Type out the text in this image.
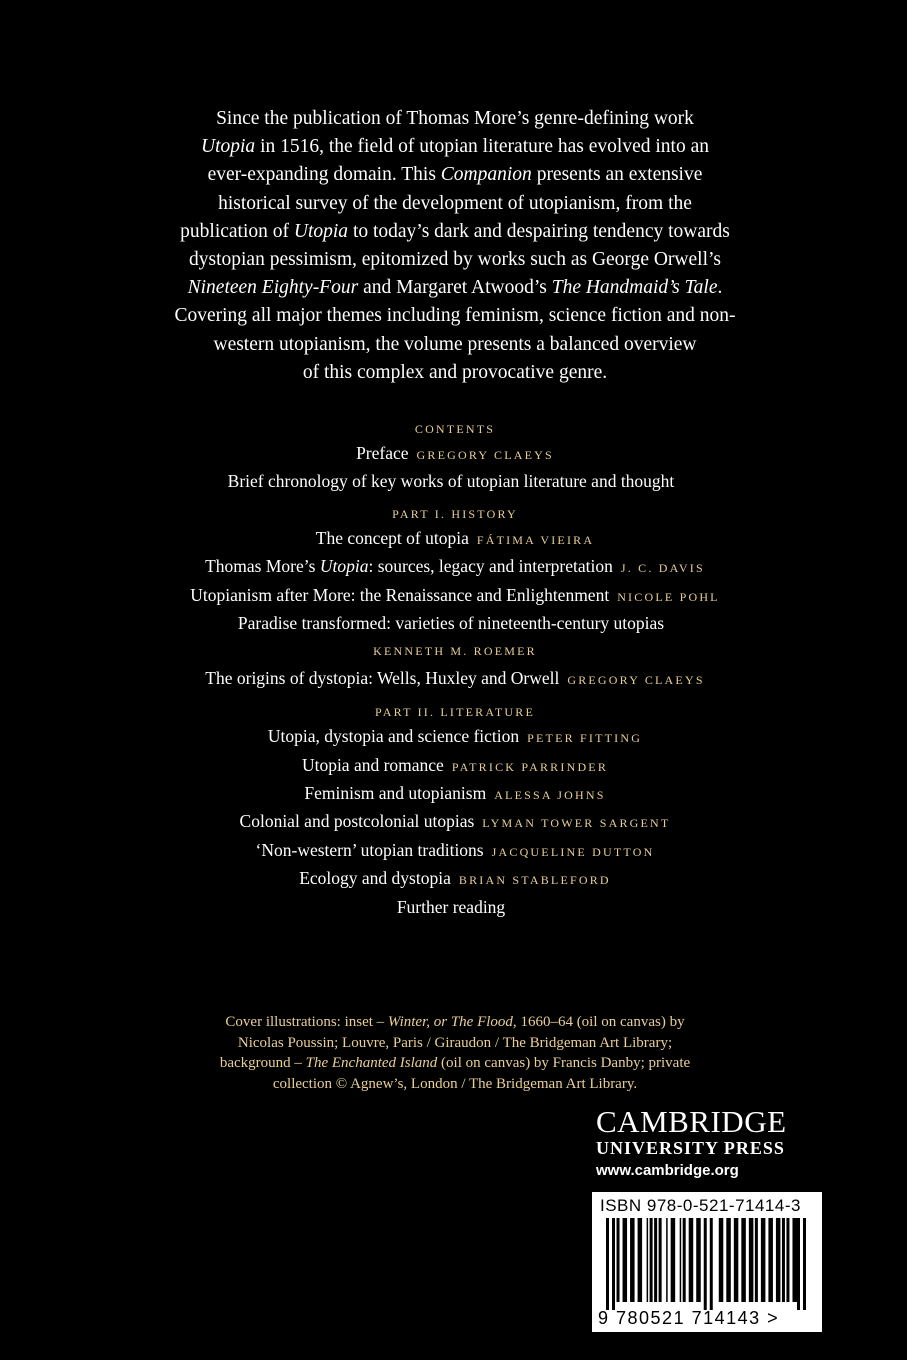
Since the publication of Thomas More’s genre-defining work
Utopia in 1516, the field of utopian literature has evolved into an
ever-expanding domain. This Companion presents an extensive
historical survey of the development of utopianism, from the
publication of Utopia to today’s dark and despairing tendency towards
dystopian pessimism, epitomized by works such as George Orwell’s
Nineteen Eighty-Four and Margaret Atwood’s The Handmaid’s Tale.
Covering all major themes including feminism, science fiction and non-
western utopianism, the volume presents a balanced overview
of this complex and provocative genre.
CONTENTS
Preface GREGORY CLAEYS
Brief chronology of key works of utopian literature and thought
PART I. HISTORY
The concept of utopia FÁTIMA VIEIRA
Thomas More’s Utopia: sources, legacy and interpretation J. C. DAVIS
Utopianism after More: the Renaissance and Enlightenment NICOLE POHL
Paradise transformed: varieties of nineteenth-century utopias
KENNETH M. ROEMER
The origins of dystopia: Wells, Huxley and Orwell GREGORY CLAEYS
PART II. LITERATURE
Utopia, dystopia and science fiction PETER FITTING
Utopia and romance PATRICK PARRINDER
Feminism and utopianism ALESSA JOHNS
Colonial and postcolonial utopias LYMAN TOWER SARGENT
‘Non-western’ utopian traditions JACQUELINE DUTTON
Ecology and dystopia BRIAN STABLEFORD
Further reading
Cover illustrations: inset – Winter, or The Flood, 1660–64 (oil on canvas) by
Nicolas Poussin; Louvre, Paris / Giraudon / The Bridgeman Art Library;
background – The Enchanted Island (oil on canvas) by Francis Danby; private
collection © Agnew’s, London / The Bridgeman Art Library.
CAMBRIDGE
UNIVERSITY PRESS
www.cambridge.org
ISBN 978-0-521-71414-3
9 780521 714143 >
